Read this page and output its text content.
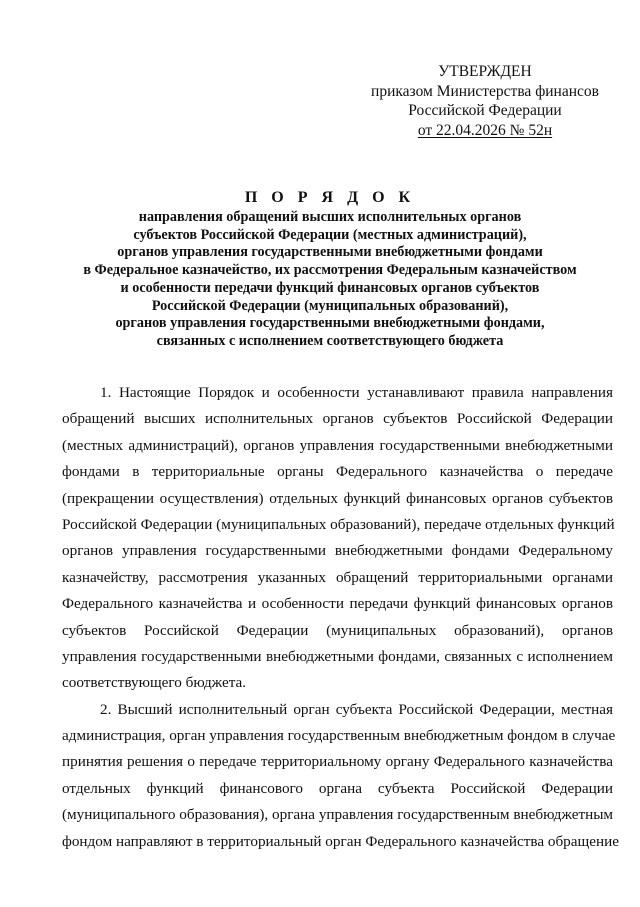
УТВЕРЖДЕН
приказом Министерства финансов
Российской Федерации
от 22.04.2026 № 52н
П О Р Я Д О К
направления обращений высших исполнительных органов
субъектов Российской Федерации (местных администраций),
органов управления государственными внебюджетными фондами
в Федеральное казначейство, их рассмотрения Федеральным казначейством
и особенности передачи функций финансовых органов субъектов
Российской Федерации (муниципальных образований),
органов управления государственными внебюджетными фондами,
связанных с исполнением соответствующего бюджета
1. Настоящие Порядок и особенности устанавливают правила направления
обращений высших исполнительных органов субъектов Российской Федерации
(местных администраций), органов управления государственными внебюджетными
фондами в территориальные органы Федерального казначейства о передаче
(прекращении осуществления) отдельных функций финансовых органов субъектов
Российской Федерации (муниципальных образований), передаче отдельных функций
органов управления государственными внебюджетными фондами Федеральному
казначейству, рассмотрения указанных обращений территориальными органами
Федерального казначейства и особенности передачи функций финансовых органов
субъектов Российской Федерации (муниципальных образований), органов
управления государственными внебюджетными фондами, связанных с исполнением
соответствующего бюджета.
2. Высший исполнительный орган субъекта Российской Федерации, местная
администрация, орган управления государственным внебюджетным фондом в случае
принятия решения о передаче территориальному органу Федерального казначейства
отдельных функций финансового органа субъекта Российской Федерации
(муниципального образования), органа управления государственным внебюджетным
фондом направляют в территориальный орган Федерального казначейства обращение
